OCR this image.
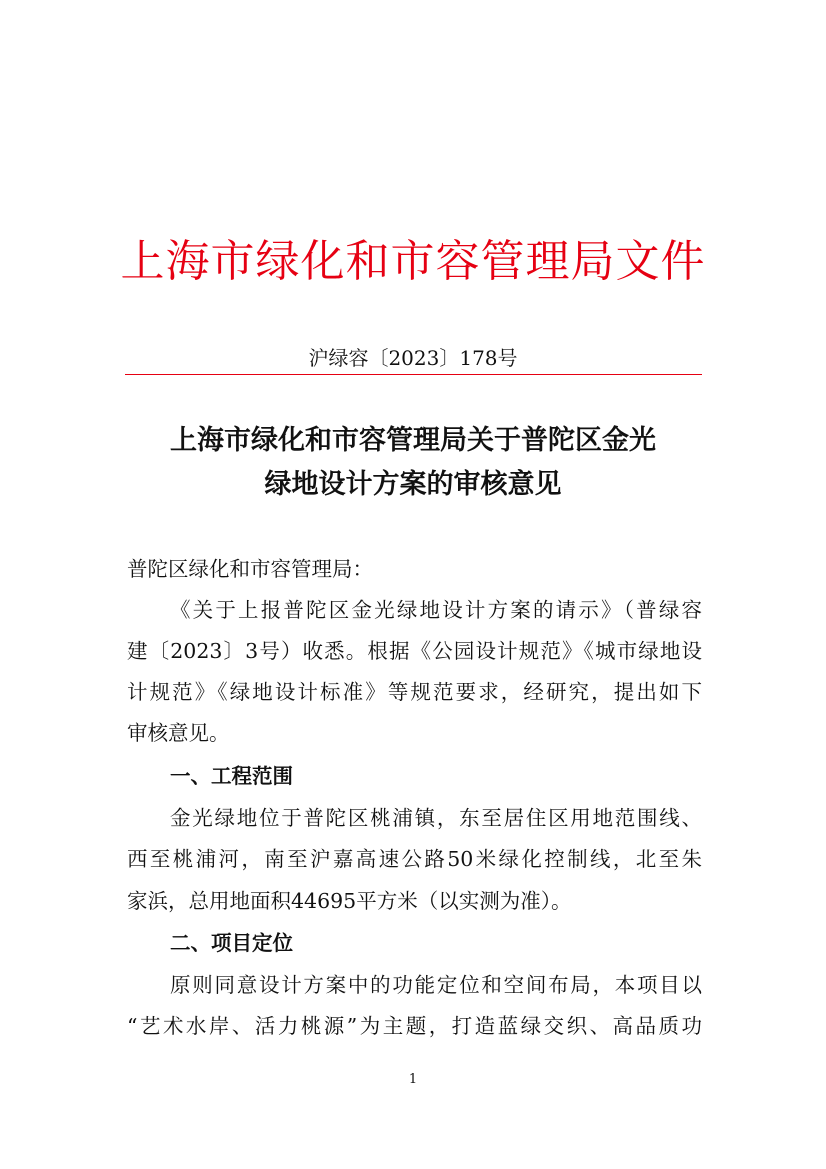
上海市绿化和市容管理局文件
沪绿容〔2023〕178号
上海市绿化和市容管理局关于普陀区金光
绿地设计方案的审核意见
普陀区绿化和市容管理局：
《关于上报普陀区金光绿地设计方案的请示》（普绿容
建〔2023〕3号）收悉。根据《公园设计规范》《城市绿地设
计规范》《绿地设计标准》等规范要求，经研究，提出如下
审核意见。
一、工程范围
金光绿地位于普陀区桃浦镇，东至居住区用地范围线、
西至桃浦河，南至沪嘉高速公路50米绿化控制线，北至朱
家浜，总用地面积44695平方米（以实测为准）。
二、项目定位
原则同意设计方案中的功能定位和空间布局，本项目以
“艺术水岸、活力桃源”为主题，打造蓝绿交织、高品质功
1
